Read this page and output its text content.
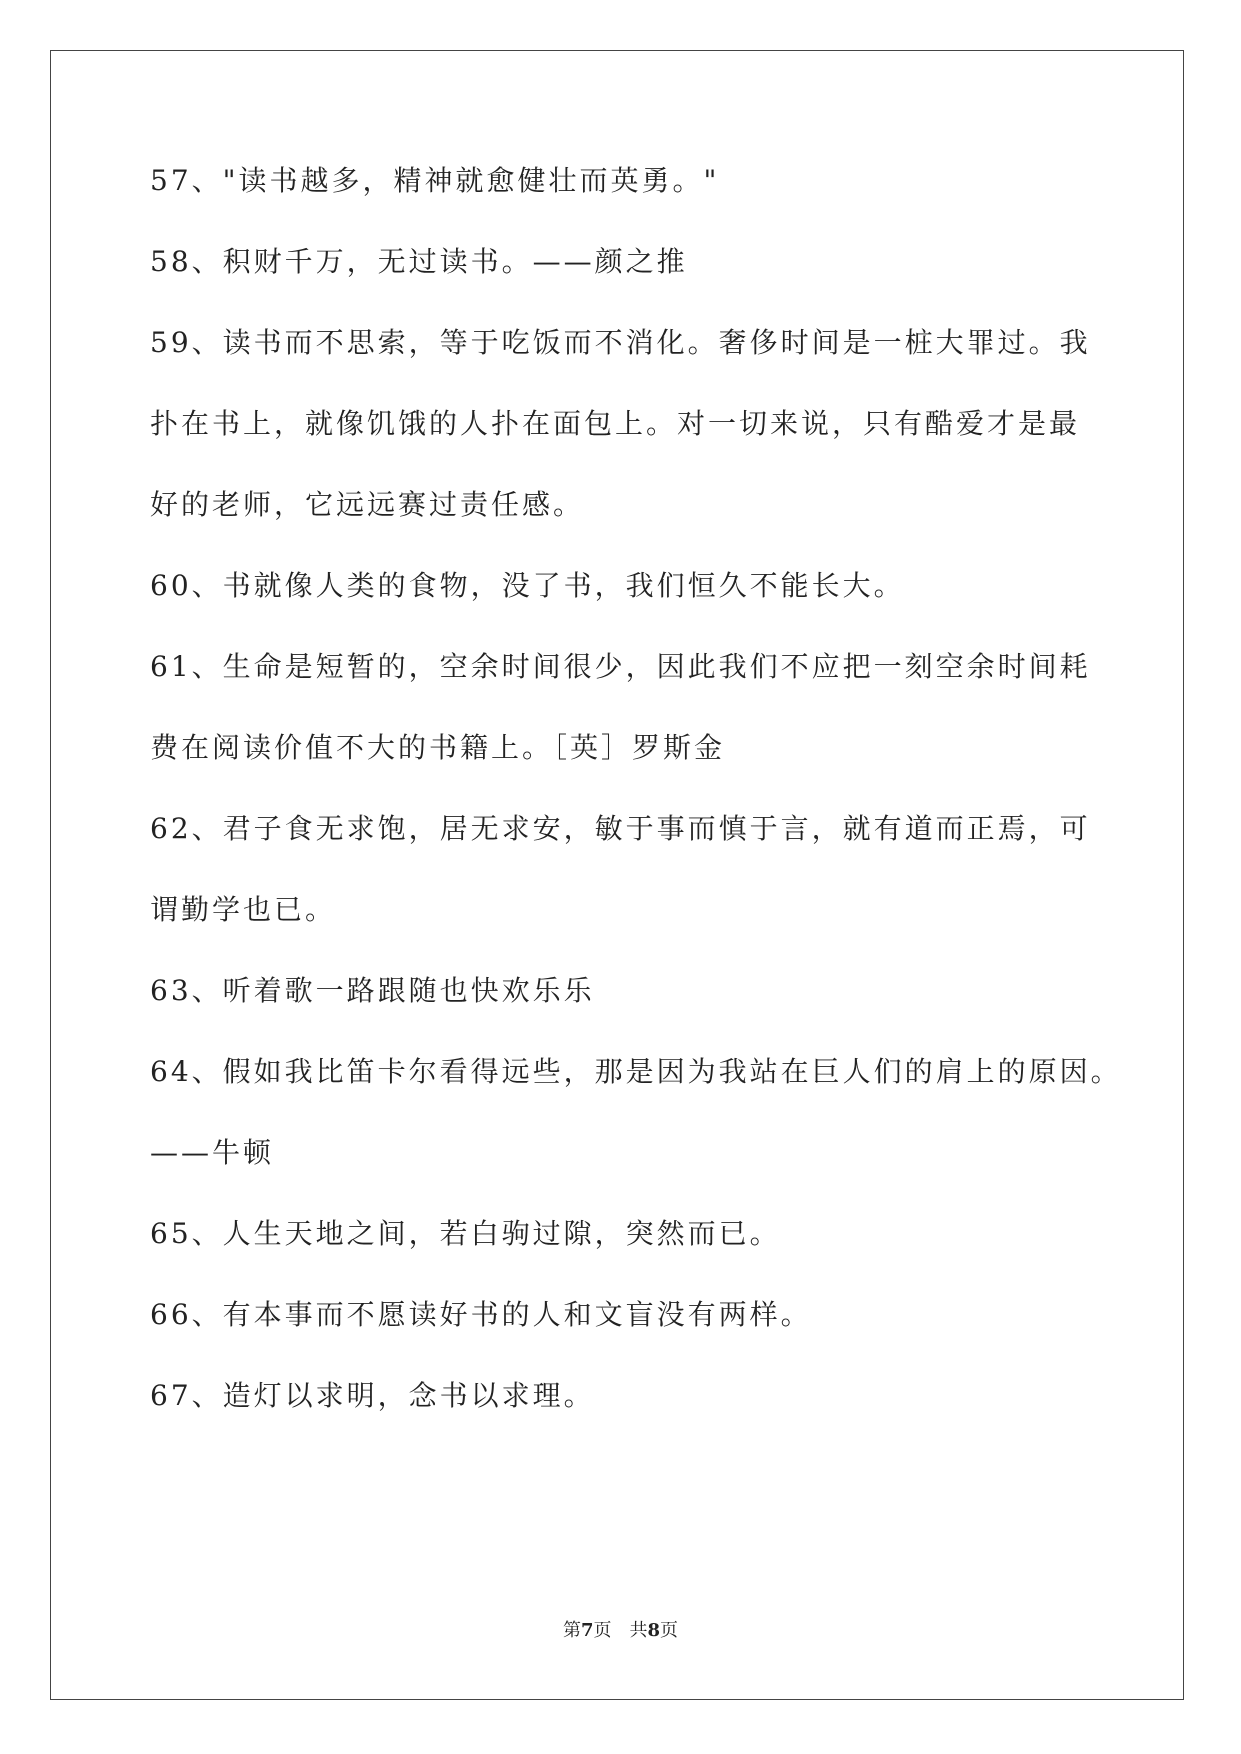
57、"读书越多，精神就愈健壮而英勇。"
58、积财千万，无过读书。——颜之推
59、读书而不思索，等于吃饭而不消化。奢侈时间是一桩大罪过。我
扑在书上，就像饥饿的人扑在面包上。对一切来说，只有酷爱才是最
好的老师，它远远赛过责任感。
60、书就像人类的食物，没了书，我们恒久不能长大。
61、生命是短暂的，空余时间很少，因此我们不应把一刻空余时间耗
费在阅读价值不大的书籍上。［英］罗斯金
62、君子食无求饱，居无求安，敏于事而慎于言，就有道而正焉，可
谓勤学也已。
63、听着歌一路跟随也快欢乐乐
64、假如我比笛卡尔看得远些，那是因为我站在巨人们的肩上的原因。
——牛顿
65、人生天地之间，若白驹过隙，突然而已。
66、有本事而不愿读好书的人和文盲没有两样。
67、造灯以求明，念书以求理。
第7页　共8页
